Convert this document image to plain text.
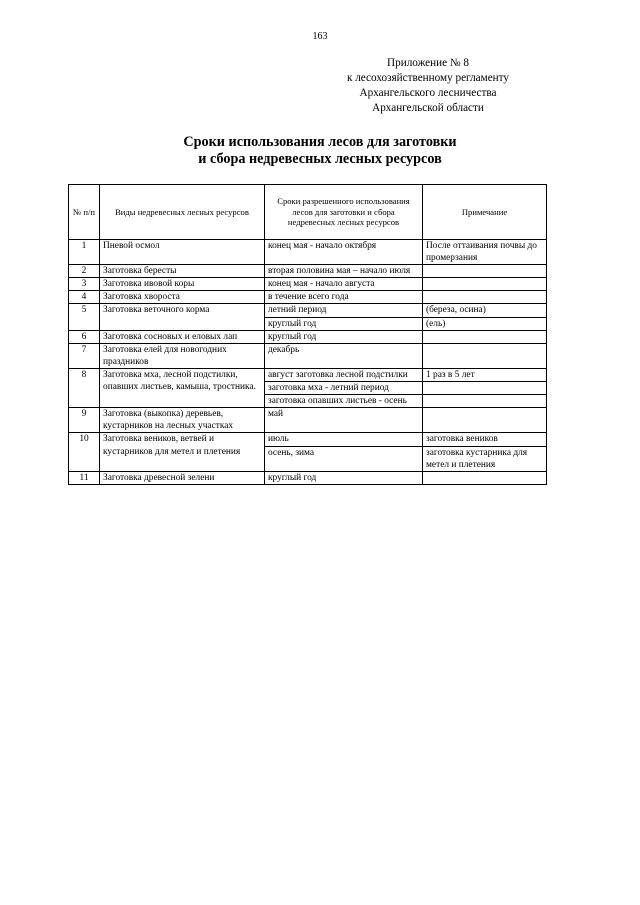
163
Приложение № 8
к лесохозяйственному регламенту
Архангельского лесничества
Архангельской области
Сроки использования лесов для заготовки
и сбора недревесных лесных ресурсов
№ п/п	Виды недревесных лесных ресурсов	Сроки разрешенного использования лесов для заготовки и сбора недревесных лесных ресурсов	Примечание
1	Пневой осмол	конец мая - начало октября	После оттаивания почвы до промерзания
2	Заготовка бересты	вторая половина мая – начало июля	
3	Заготовка ивовой коры	конец мая - начало августа	
4	Заготовка хвороста	в течение всего года	
5	Заготовка веточного корма	летний период	(береза, осина)
		круглый год	(ель)
6	Заготовка сосновых и еловых лап	круглый год	
7	Заготовка елей для новогодних праздников	декабрь	
8	Заготовка мха, лесной подстилки, опавших листьев, камыша, тростника.	август заготовка лесной подстилки	1 раз в 5 лет
		заготовка мха - летний период	
		заготовка опавших листьев - осень	
9	Заготовка (выкопка) деревьев, кустарников на лесных участках	май	
10	Заготовка веников, ветвей и кустарников для метел и плетения	июль	заготовка веников
		осень, зима	заготовка кустарника для метел и плетения
11	Заготовка древесной зелени	круглый год	
